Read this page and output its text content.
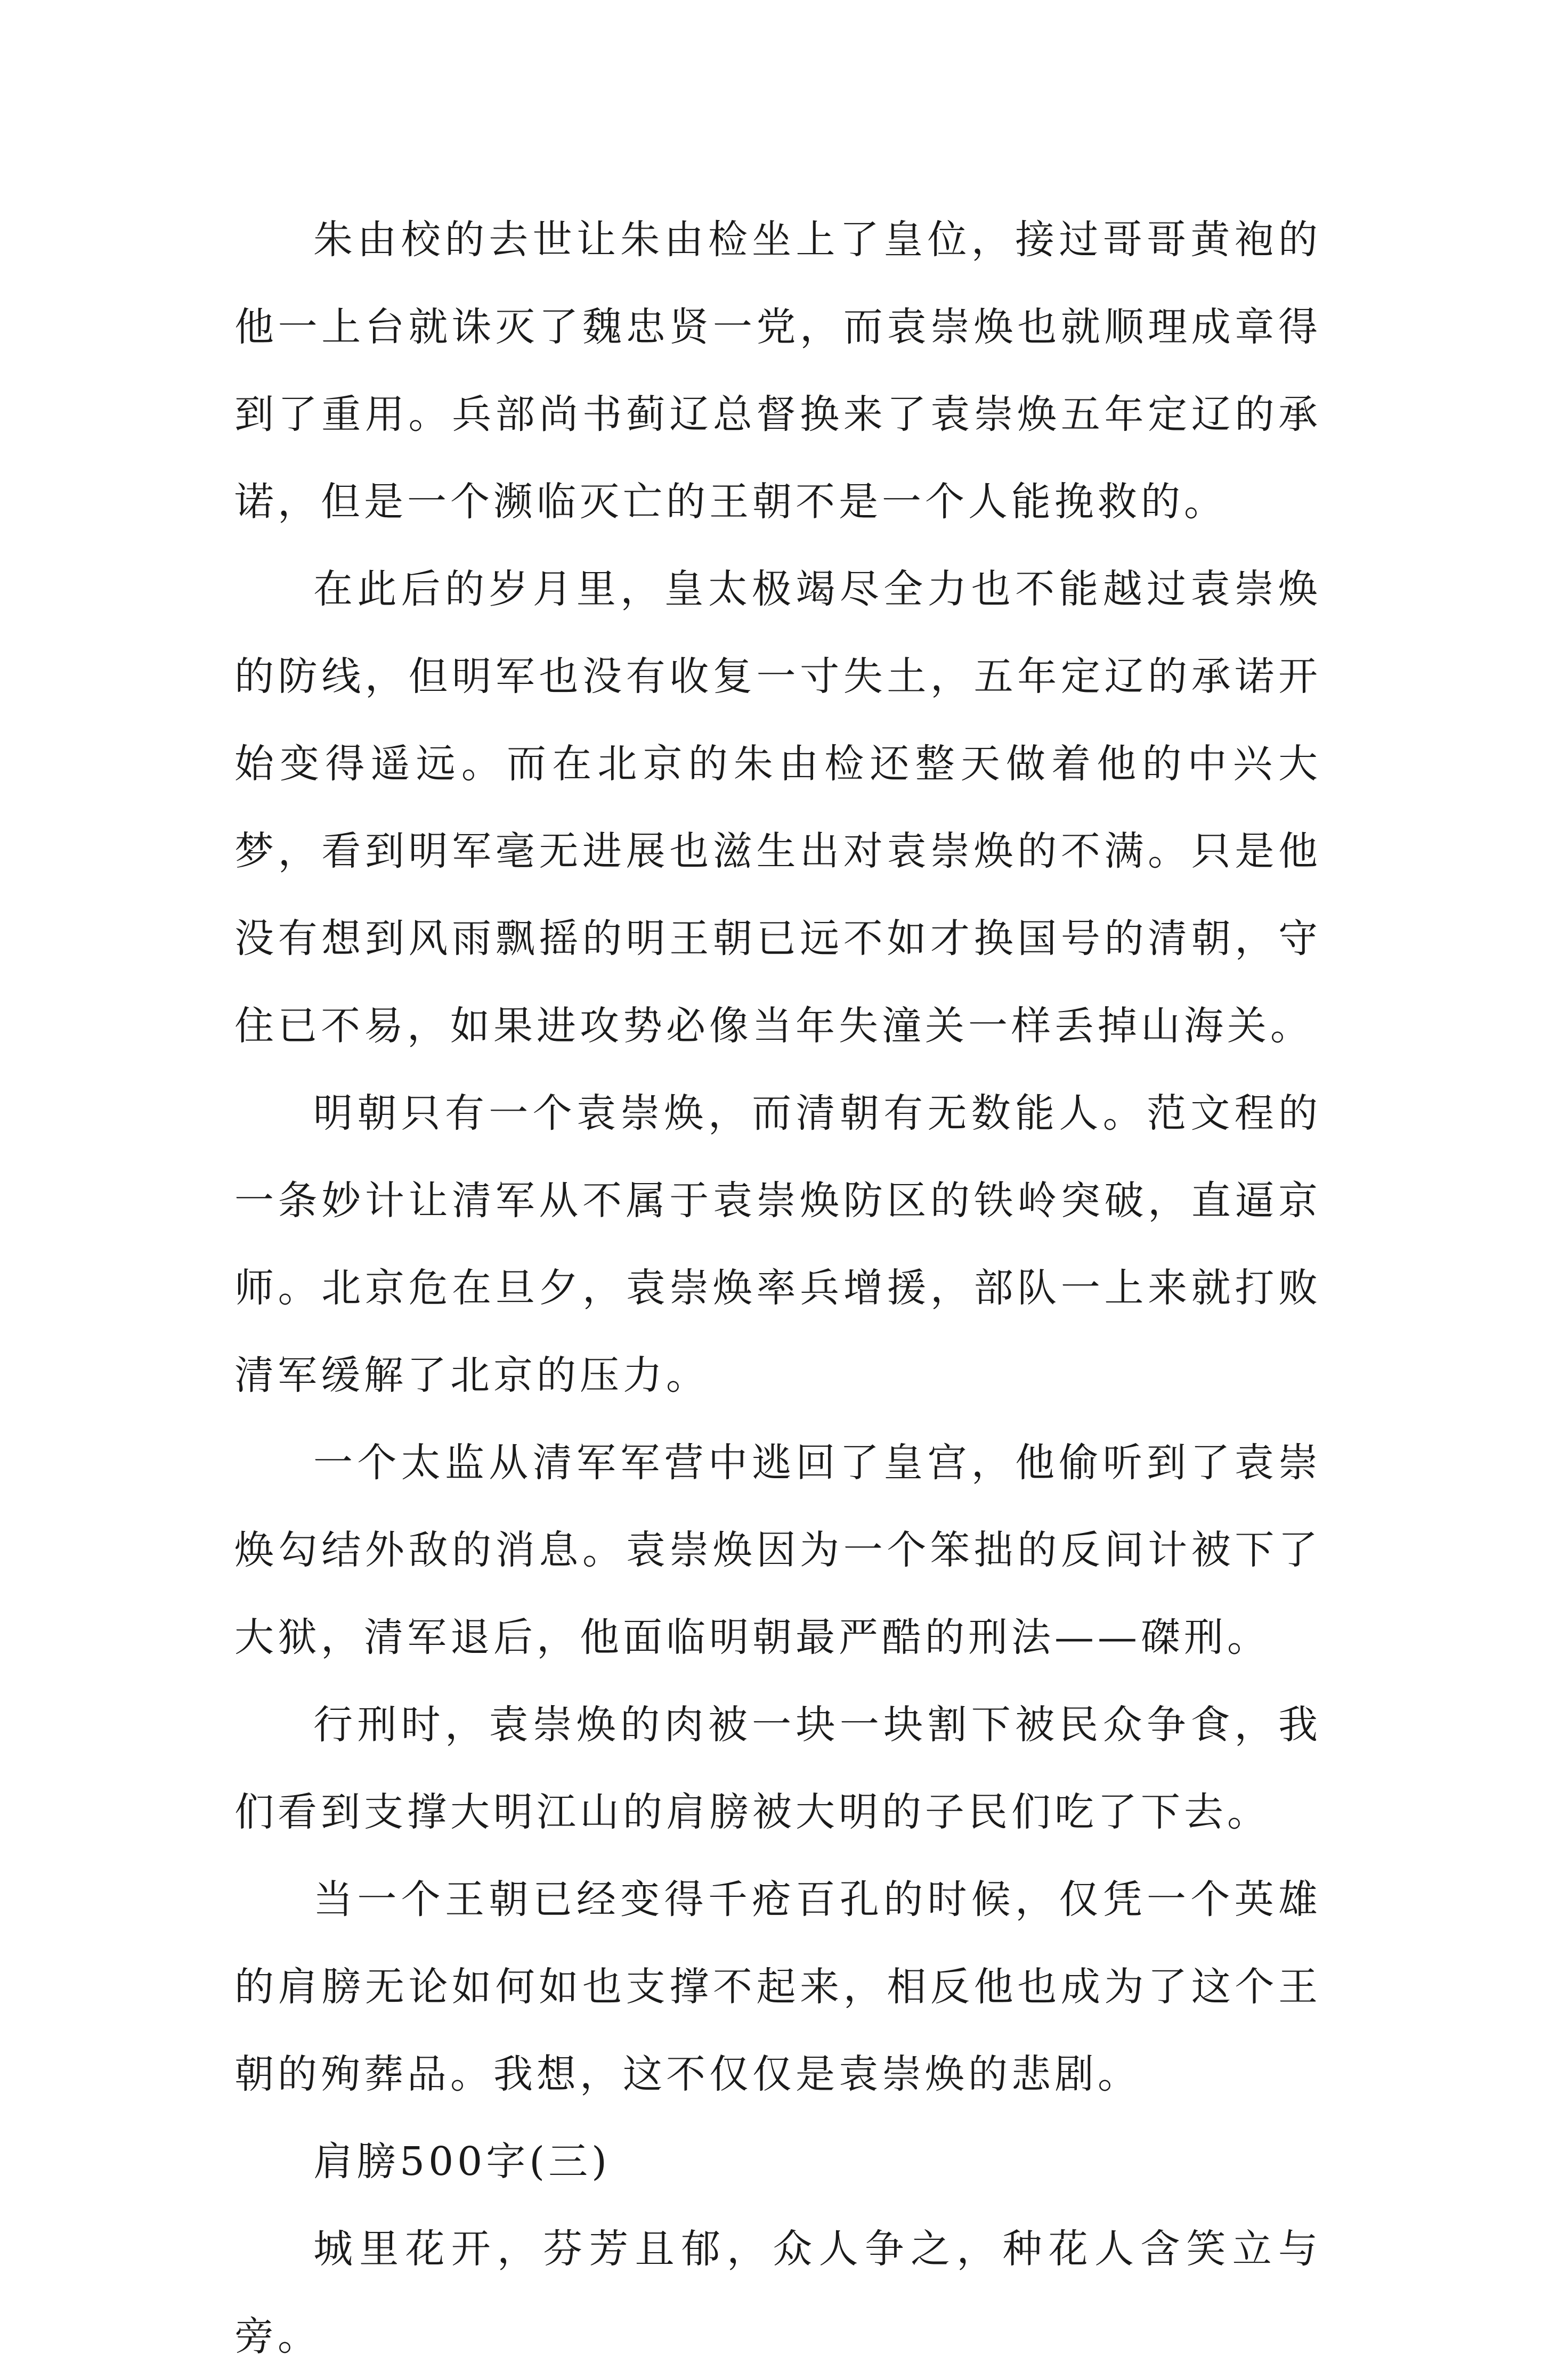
朱由校的去世让朱由检坐上了皇位，接过哥哥黄袍的他一上台就诛灭了魏忠贤一党，而袁崇焕也就顺理成章得到了重用。兵部尚书蓟辽总督换来了袁崇焕五年定辽的承诺，但是一个濒临灭亡的王朝不是一个人能挽救的。

在此后的岁月里，皇太极竭尽全力也不能越过袁崇焕的防线，但明军也没有收复一寸失土，五年定辽的承诺开始变得遥远。而在北京的朱由检还整天做着他的中兴大梦，看到明军毫无进展也滋生出对袁崇焕的不满。只是他没有想到风雨飘摇的明王朝已远不如才换国号的清朝，守住已不易，如果进攻势必像当年失潼关一样丢掉山海关。

明朝只有一个袁崇焕，而清朝有无数能人。范文程的一条妙计让清军从不属于袁崇焕防区的铁岭突破，直逼京师。北京危在旦夕，袁崇焕率兵增援，部队一上来就打败清军缓解了北京的压力。

一个太监从清军军营中逃回了皇宫，他偷听到了袁崇焕勾结外敌的消息。袁崇焕因为一个笨拙的反间计被下了大狱，清军退后，他面临明朝最严酷的刑法——磔刑。

行刑时，袁崇焕的肉被一块一块割下被民众争食，我们看到支撑大明江山的肩膀被大明的子民们吃了下去。

当一个王朝已经变得千疮百孔的时候，仅凭一个英雄的肩膀无论如何如也支撑不起来，相反他也成为了这个王朝的殉葬品。我想，这不仅仅是袁崇焕的悲剧。

肩膀500字(三)

城里花开，芬芳且郁，众人争之，种花人含笑立与旁。
